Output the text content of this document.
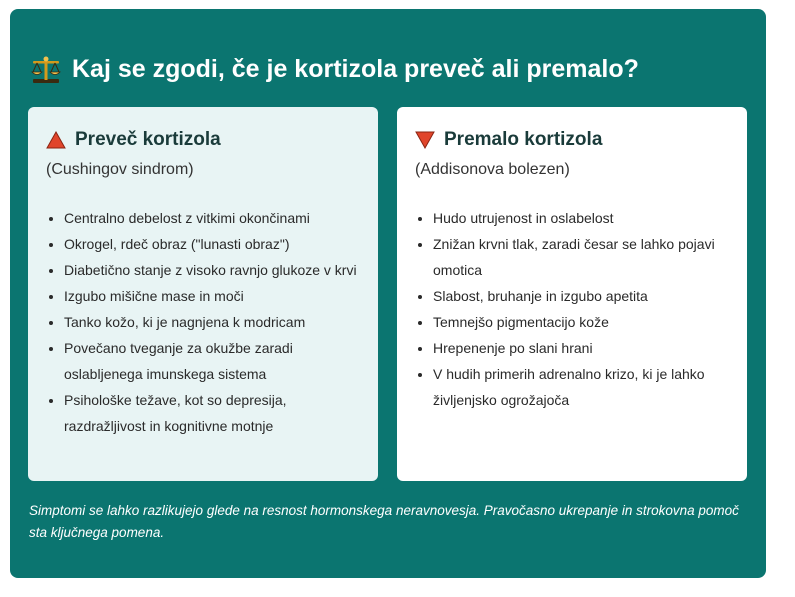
Kaj se zgodi, če je kortizola preveč ali premalo?
Preveč kortizola
(Cushingov sindrom)
• Centralno debelost z vitkimi okončinami
• Okrogel, rdeč obraz ("lunasti obraz")
• Diabetično stanje z visoko ravnjo glukoze v krvi
• Izgubo mišične mase in moči
• Tanko kožo, ki je nagnjena k modricam
• Povečano tveganje za okužbe zaradi oslabljenega imunskega sistema
• Psihološke težave, kot so depresija, razdražljivost in kognitivne motnje
Premalo kortizola
(Addisonova bolezen)
• Hudo utrujenost in oslabelost
• Znižan krvni tlak, zaradi česar se lahko pojavi omotica
• Slabost, bruhanje in izgubo apetita
• Temnejšo pigmentacijo kože
• Hrepenenje po slani hrani
• V hudih primerih adrenalno krizo, ki je lahko življenjsko ogrožajoča
Simptomi se lahko razlikujejo glede na resnost hormonskega neravnovesja. Pravočasno ukrepanje in strokovna pomoč sta ključnega pomena.
